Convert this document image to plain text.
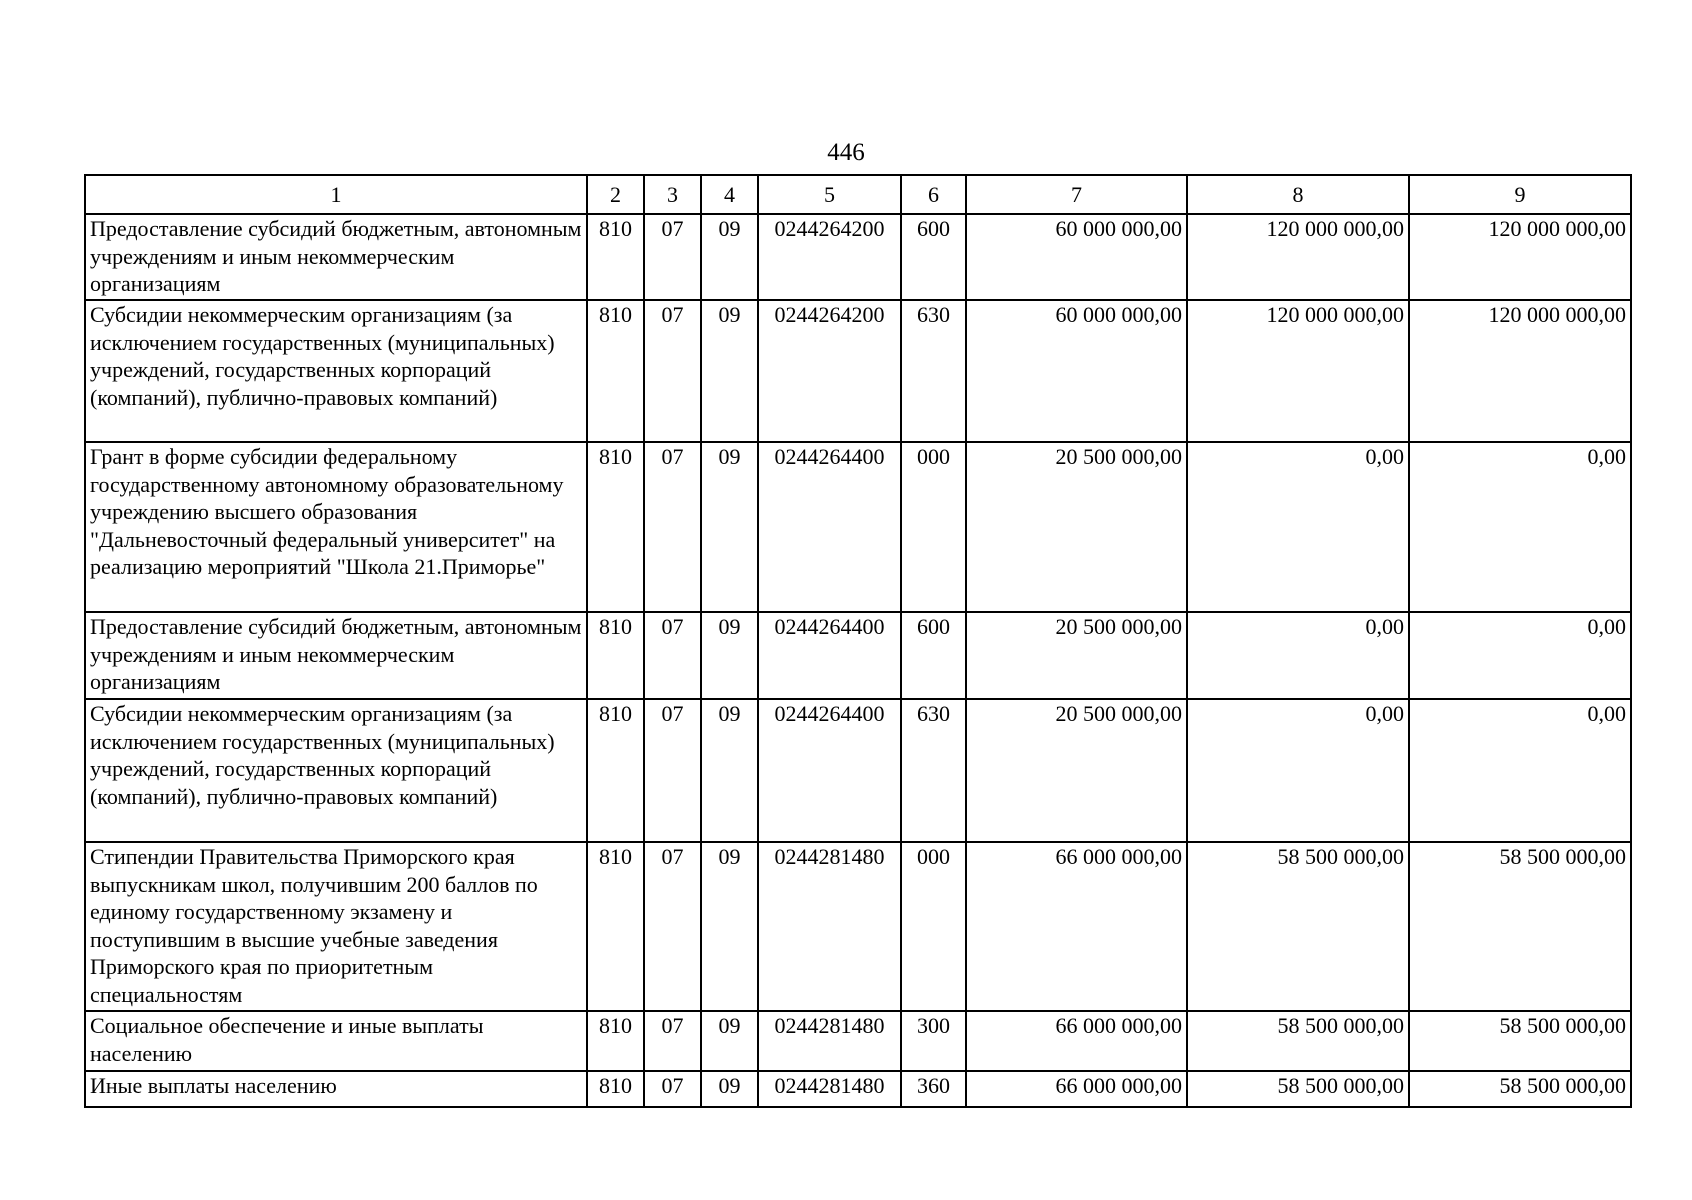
446
1	2	3	4	5	6	7	8	9
Предоставление субсидий бюджетным, автономным учреждениям и иным некоммерческим организациям	810	07	09	0244264200	600	60 000 000,00	120 000 000,00	120 000 000,00
Субсидии некоммерческим организациям (за исключением государственных (муниципальных) учреждений, государственных корпораций (компаний), публично-правовых компаний)	810	07	09	0244264200	630	60 000 000,00	120 000 000,00	120 000 000,00
Грант в форме субсидии федеральному государственному автономному образовательному учреждению высшего образования "Дальневосточный федеральный университет" на реализацию мероприятий "Школа 21.Приморье"	810	07	09	0244264400	000	20 500 000,00	0,00	0,00
Предоставление субсидий бюджетным, автономным учреждениям и иным некоммерческим организациям	810	07	09	0244264400	600	20 500 000,00	0,00	0,00
Субсидии некоммерческим организациям (за исключением государственных (муниципальных) учреждений, государственных корпораций (компаний), публично-правовых компаний)	810	07	09	0244264400	630	20 500 000,00	0,00	0,00
Стипендии Правительства Приморского края выпускникам школ, получившим 200 баллов по единому государственному экзамену и поступившим в высшие учебные заведения Приморского края по приоритетным специальностям	810	07	09	0244281480	000	66 000 000,00	58 500 000,00	58 500 000,00
Социальное обеспечение и иные выплаты населению	810	07	09	0244281480	300	66 000 000,00	58 500 000,00	58 500 000,00
Иные выплаты населению	810	07	09	0244281480	360	66 000 000,00	58 500 000,00	58 500 000,00
